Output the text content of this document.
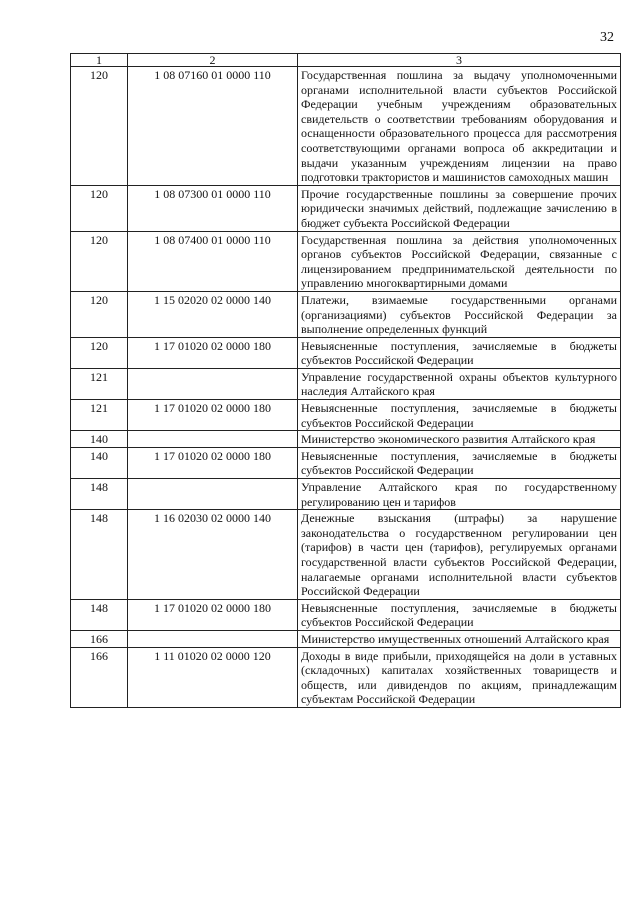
32
1	2	3
120	1 08 07160 01 0000 110	Государственная пошлина за выдачу уполномоченными органами исполнительной власти субъектов Российской Федерации учебным учреждениям образовательных свидетельств о соответствии требованиям оборудования и оснащенности образовательного процесса для рассмотрения соответствующими органами вопроса об аккредитации и выдачи указанным учреждениям лицензии на право подготовки трактористов и машинистов самоходных машин
120	1 08 07300 01 0000 110	Прочие государственные пошлины за совершение прочих юридически значимых действий, подлежащие зачислению в бюджет субъекта Российской Федерации
120	1 08 07400 01 0000 110	Государственная пошлина за действия уполномоченных органов субъектов Российской Федерации, связанные с лицензированием предпринимательской деятельности по управлению многоквартирными домами
120	1 15 02020 02 0000 140	Платежи, взимаемые государственными органами (организациями) субъектов Российской Федерации за выполнение определенных функций
120	1 17 01020 02 0000 180	Невыясненные поступления, зачисляемые в бюджеты субъектов Российской Федерации
121		Управление государственной охраны объектов культурного наследия Алтайского края
121	1 17 01020 02 0000 180	Невыясненные поступления, зачисляемые в бюджеты субъектов Российской Федерации
140		Министерство экономического развития Алтайского края
140	1 17 01020 02 0000 180	Невыясненные поступления, зачисляемые в бюджеты субъектов Российской Федерации
148		Управление Алтайского края по государственному регулированию цен и тарифов
148	1 16 02030 02 0000 140	Денежные взыскания (штрафы) за нарушение законодательства о государственном регулировании цен (тарифов) в части цен (тарифов), регулируемых органами государственной власти субъектов Российской Федерации, налагаемые органами исполнительной власти субъектов Российской Федерации
148	1 17 01020 02 0000 180	Невыясненные поступления, зачисляемые в бюджеты субъектов Российской Федерации
166		Министерство имущественных отношений Алтайского края
166	1 11 01020 02 0000 120	Доходы в виде прибыли, приходящейся на доли в уставных (складочных) капиталах хозяйственных товариществ и обществ, или дивидендов по акциям, принадлежащим субъектам Российской Федерации
